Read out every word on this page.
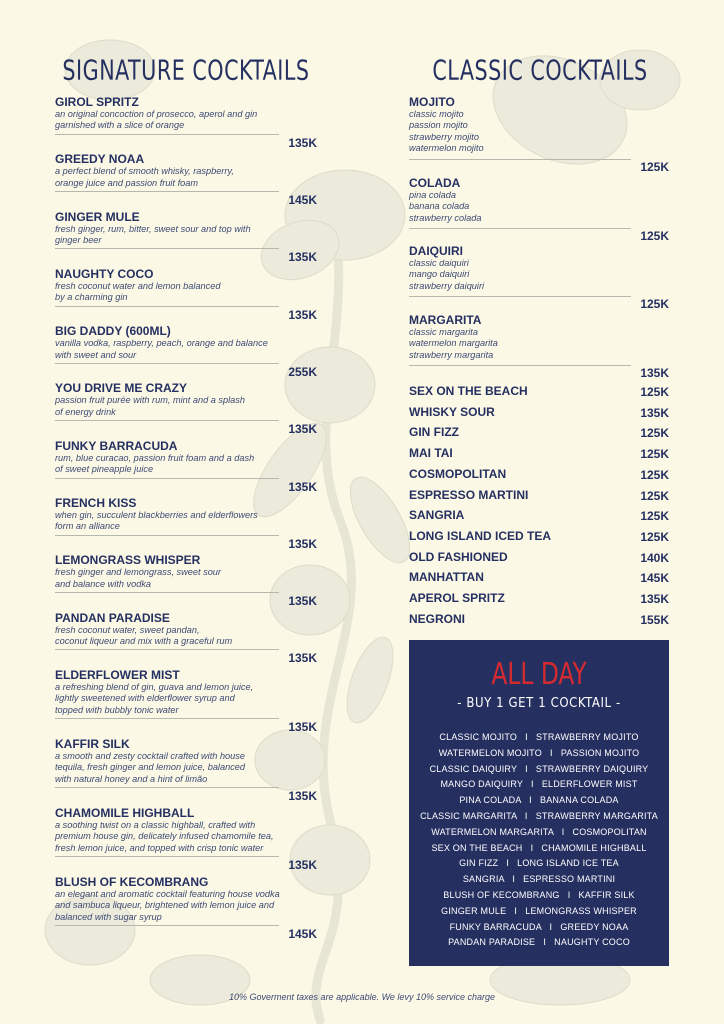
SIGNATURE COCKTAILS
GIROL SPRITZ
an original concoction of prosecco, aperol and gin
garnished with a slice of orange
135K
GREEDY NOAA
a perfect blend of smooth whisky, raspberry,
orange juice and passion fruit foam
145K
GINGER MULE
fresh ginger, rum, bitter, sweet sour and top with
ginger beer
135K
NAUGHTY COCO
fresh coconut water and lemon balanced
by a charming gin
135K
BIG DADDY (600ML)
vanilla vodka, raspberry, peach, orange and balance
with sweet and sour
255K
YOU DRIVE ME CRAZY
passion fruit purée with rum, mint and a splash
of energy drink
135K
FUNKY BARRACUDA
rum, blue curacao, passion fruit foam and a dash
of sweet pineapple juice
135K
FRENCH KISS
when gin, succulent blackberries and elderflowers
form an alliance
135K
LEMONGRASS WHISPER
fresh ginger and lemongrass, sweet sour
and balance with vodka
135K
PANDAN PARADISE
fresh coconut water, sweet pandan,
coconut liqueur and mix with a graceful rum
135K
ELDERFLOWER MIST
a refreshing blend of gin, guava and lemon juice,
lightly sweetened with elderflower syrup and
topped with bubbly tonic water
135K
KAFFIR SILK
a smooth and zesty cocktail crafted with house
tequila, fresh ginger and lemon juice, balanced
with natural honey and a hint of limão
135K
CHAMOMILE HIGHBALL
a soothing twist on a classic highball, crafted with
premium house gin, delicately infused chamomile tea,
fresh lemon juice, and topped with crisp tonic water
135K
BLUSH OF KECOMBRANG
an elegant and aromatic cocktail featuring house vodka
and sambuca liqueur, brightened with lemon juice and
balanced with sugar syrup
145K
CLASSIC COCKTAILS
MOJITO
classic mojito
passion mojito
strawberry mojito
watermelon mojito
125K
COLADA
pina colada
banana colada
strawberry colada
125K
DAIQUIRI
classic daiquiri
mango daiquiri
strawberry daiquiri
125K
MARGARITA
classic margarita
watermelon margarita
strawberry margarita
135K
SEX ON THE BEACH	125K
WHISKY SOUR	135K
GIN FIZZ	125K
MAI TAI	125K
COSMOPOLITAN	125K
ESPRESSO MARTINI	125K
SANGRIA	125K
LONG ISLAND ICED TEA	125K
OLD FASHIONED	140K
MANHATTAN	145K
APEROL SPRITZ	135K
NEGRONI	155K
ALL DAY
- BUY 1 GET 1 COCKTAIL -
CLASSIC MOJITO   I   STRAWBERRY MOJITO
WATERMELON MOJITO   I   PASSION MOJITO
CLASSIC DAIQUIRY   I   STRAWBERRY DAIQUIRY
MANGO DAIQUIRY   I   ELDERFLOWER MIST
PINA COLADA   I   BANANA COLADA
CLASSIC MARGARITA   I   STRAWBERRY MARGARITA
WATERMELON MARGARITA   I   COSMOPOLITAN
SEX ON THE BEACH   I   CHAMOMILE HIGHBALL
GIN FIZZ   I   LONG ISLAND ICE TEA
SANGRIA   I   ESPRESSO MARTINI
BLUSH OF KECOMBRANG   I   KAFFIR SILK
GINGER MULE   I   LEMONGRASS WHISPER
FUNKY BARRACUDA   I   GREEDY NOAA
PANDAN PARADISE   I   NAUGHTY COCO
10% Goverment taxes are applicable. We levy 10% service charge
